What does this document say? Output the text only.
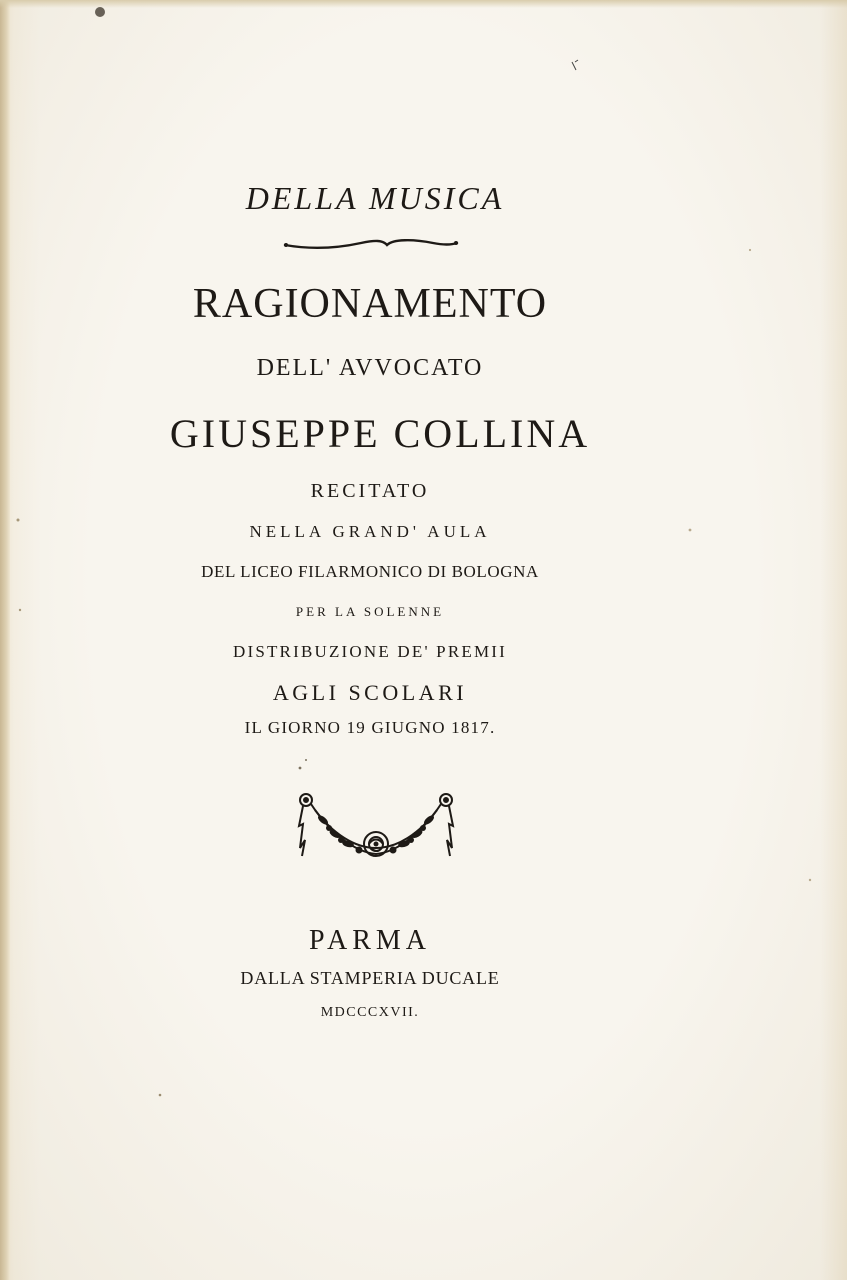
DELLA MUSICA
RAGIONAMENTO
DELL' AVVOCATO
GIUSEPPE COLLINA
RECITATO
NELLA GRAND' AULA
DEL LICEO FILARMONICO DI BOLOGNA
PER LA SOLENNE
DISTRIBUZIONE DE' PREMII
AGLI SCOLARI
IL GIORNO 19 GIUGNO 1817.
PARMA
DALLA STAMPERIA DUCALE
MDCCCXVII.
